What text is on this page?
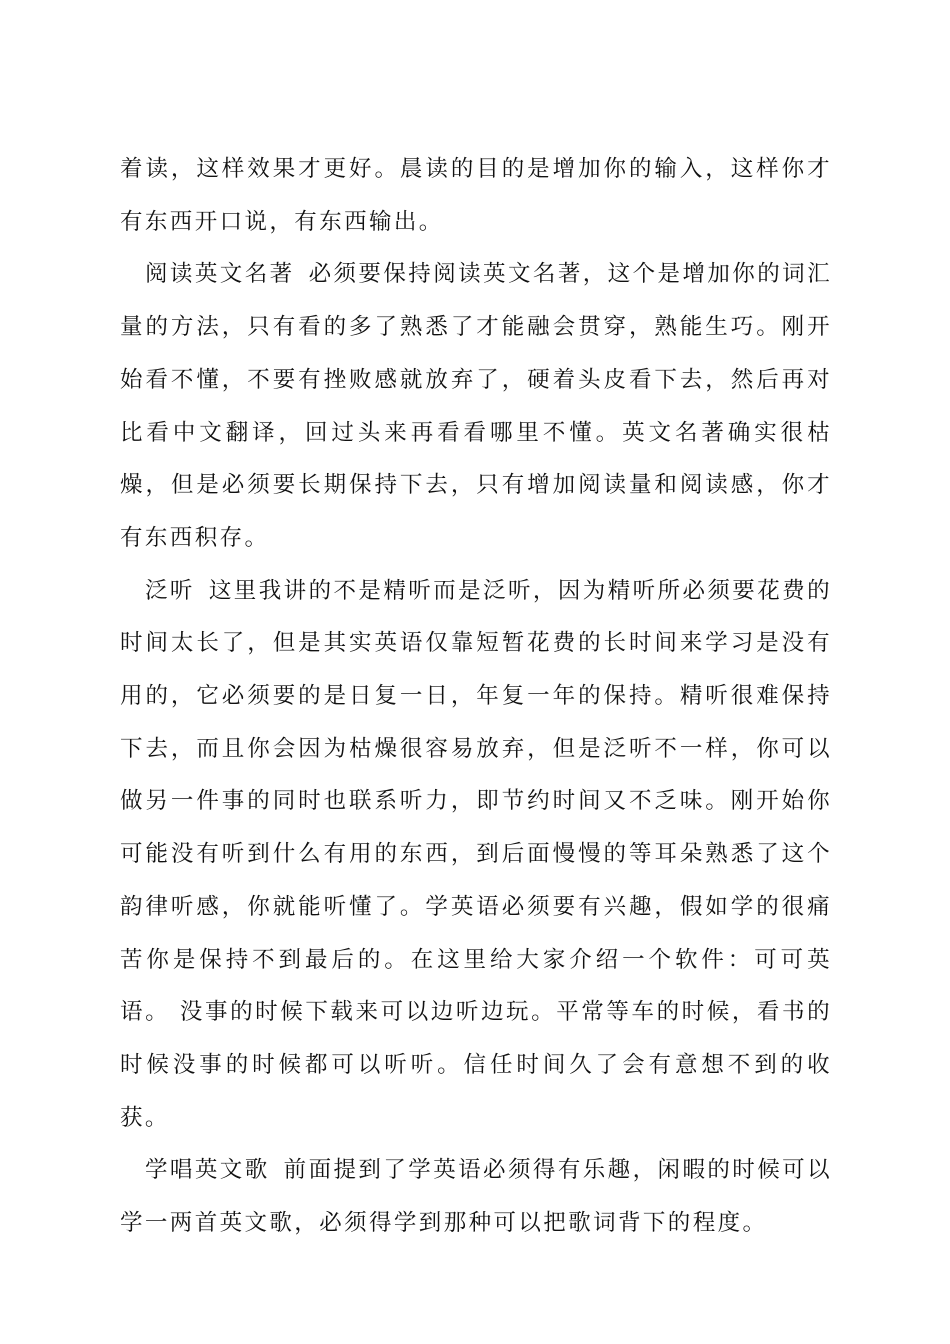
着读，这样效果才更好。晨读的目的是增加你的输入，这样你才有东西开口说，有东西输出。

阅读英文名著 必须要保持阅读英文名著，这个是增加你的词汇量的方法，只有看的多了熟悉了才能融会贯穿，熟能生巧。刚开始看不懂，不要有挫败感就放弃了，硬着头皮看下去，然后再对比看中文翻译，回过头来再看看哪里不懂。英文名著确实很枯燥，但是必须要长期保持下去，只有增加阅读量和阅读感，你才有东西积存。

泛听 这里我讲的不是精听而是泛听，因为精听所必须要花费的时间太长了，但是其实英语仅靠短暂花费的长时间来学习是没有用的，它必须要的是日复一日，年复一年的保持。精听很难保持下去，而且你会因为枯燥很容易放弃，但是泛听不一样，你可以做另一件事的同时也联系听力，即节约时间又不乏味。刚开始你可能没有听到什么有用的东西，到后面慢慢的等耳朵熟悉了这个韵律听感，你就能听懂了。学英语必须要有兴趣，假如学的很痛苦你是保持不到最后的。在这里给大家介绍一个软件：可可英语。 没事的时候下载来可以边听边玩。平常等车的时候，看书的时候没事的时候都可以听听。信任时间久了会有意想不到的收获。

学唱英文歌 前面提到了学英语必须得有乐趣，闲暇的时候可以学一两首英文歌，必须得学到那种可以把歌词背下的程度。
